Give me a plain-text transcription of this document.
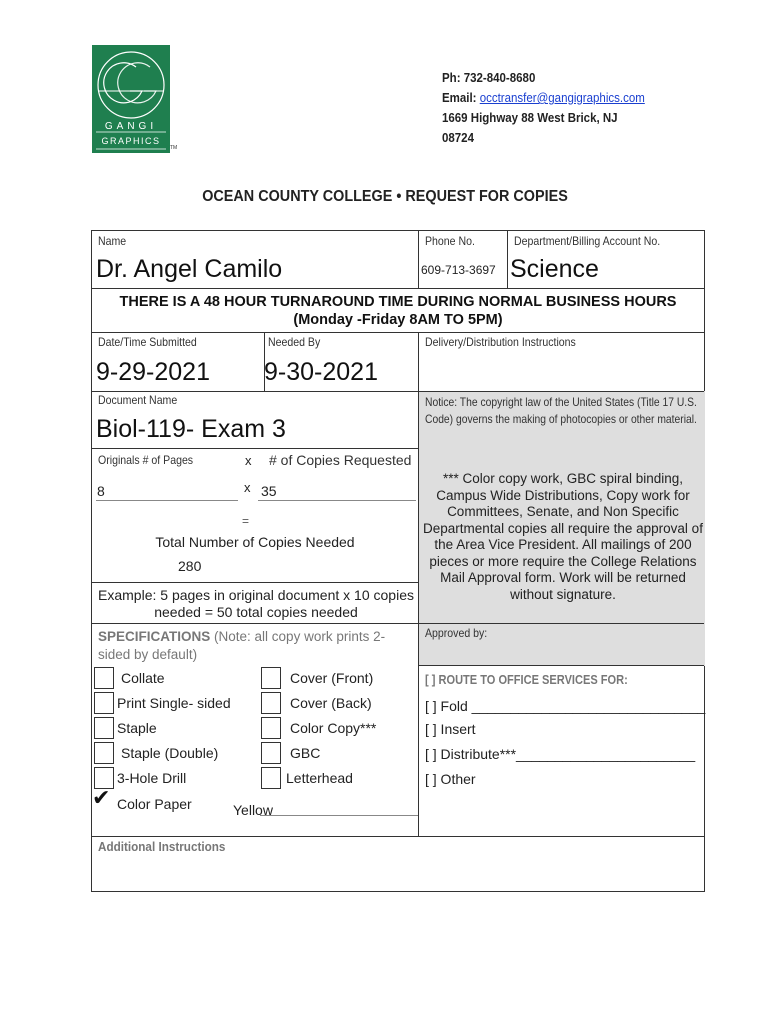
GANGI
GRAPHICS
TM
Ph: 732-840-8680
Email: occtransfer@gangigraphics.com
1669 Highway 88 West Brick, NJ
08724
OCEAN COUNTY COLLEGE • REQUEST FOR COPIES
Name
Dr. Angel Camilo
Phone No.
609-713-3697
Department/Billing Account No.
Science
THERE IS A 48 HOUR TURNAROUND TIME DURING NORMAL BUSINESS HOURS
(Monday -Friday 8AM TO 5PM)
Date/Time Submitted
9-29-2021
Needed By
9-30-2021
Delivery/Distribution Instructions
Document Name
Biol-119- Exam 3
Notice: The copyright law of the United States (Title 17 U.S. Code) governs the making of photocopies or other material.
Originals # of Pages	x # of Copies Requested
8	x 35
=
Total Number of Copies Needed
280
Example: 5 pages in original document x 10 copies needed = 50 total copies needed
*** Color copy work, GBC spiral binding, Campus Wide Distributions, Copy work for Committees, Senate, and Non Specific Departmental copies all require the approval of the Area Vice President. All mailings of 200 pieces or more require the College Relations Mail Approval form. Work will be returned without signature.
Approved by:
SPECIFICATIONS (Note: all copy work prints 2-sided by default)
Collate
Print Single- sided
Staple
Staple (Double)
3-Hole Drill
✔ Color Paper	Yellow
Cover (Front)
Cover (Back)
Color Copy***
GBC
Letterhead
[ ] ROUTE TO OFFICE SERVICES FOR:
[ ] Fold ______________________________
[ ] Insert
[ ] Distribute***_______________________
[ ] Other
Additional Instructions
